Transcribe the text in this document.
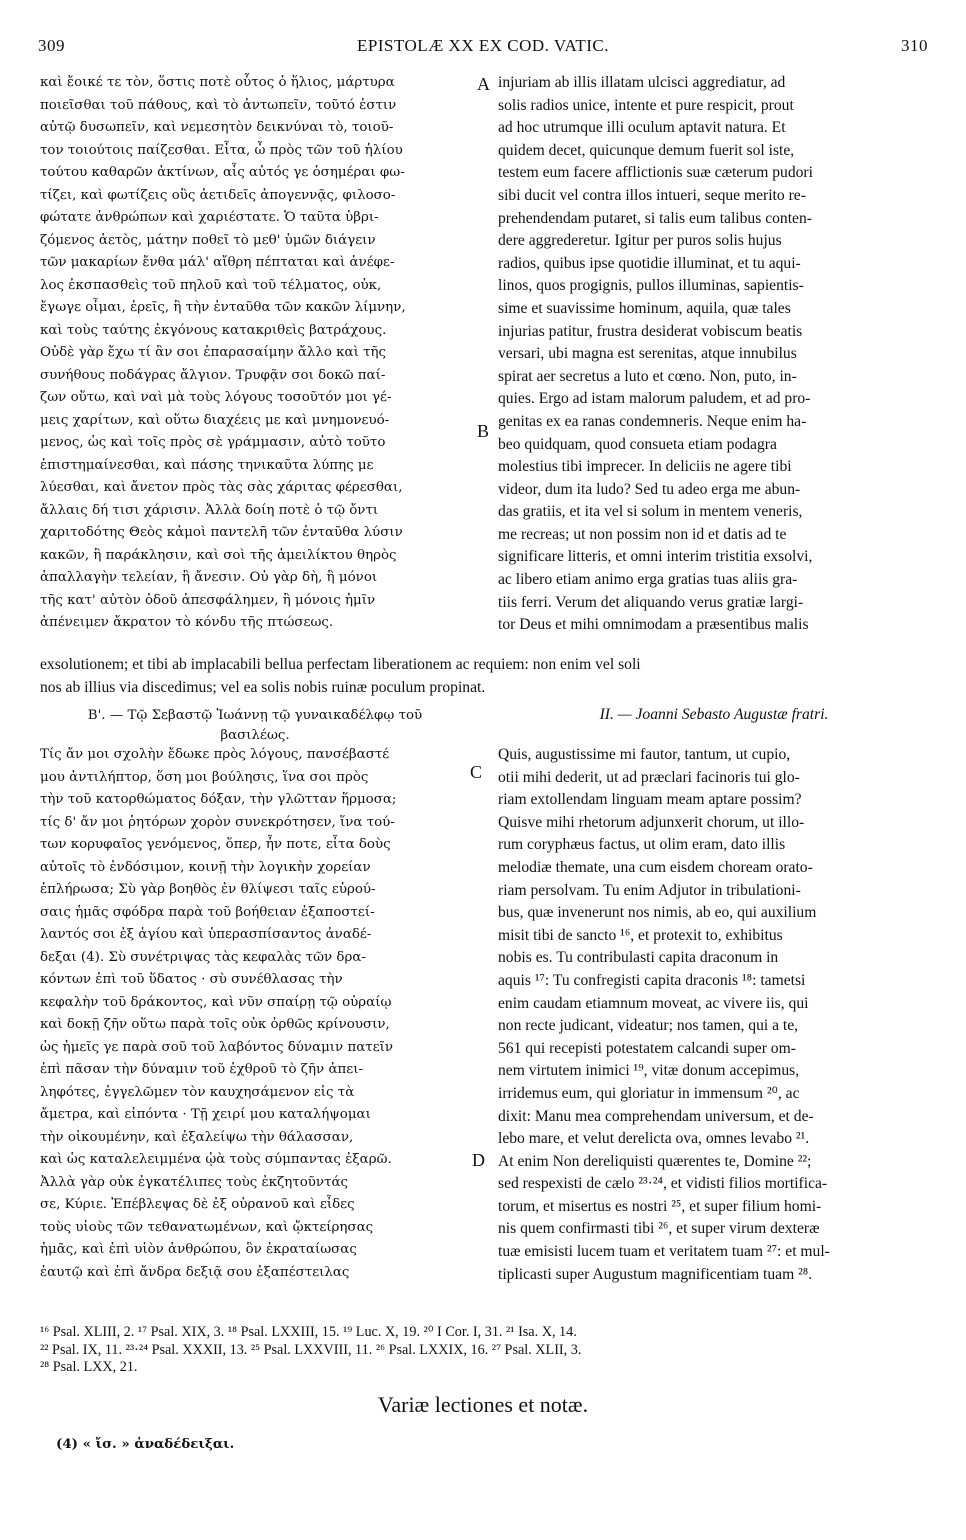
309	EPISTOLÆ XX EX COD. VATIC.	310
A
B
C
D
καὶ ἔοικέ τε τὸν, ὅστις ποτὲ οὗτος ὁ ἥλιος, μάρτυρα
ποιεῖσθαι τοῦ πάθους, καὶ τὸ ἀντωπεῖν, τοῦτό ἐστιν
αὐτῷ δυσωπεῖν, καὶ νεμεσητὸν δεικνύναι τὸ, τοιοῦ-
τον τοιούτοις παίζεσθαι. Εἶτα, ὦ πρὸς τῶν τοῦ ἡλίου
τούτου καθαρῶν ἀκτίνων, αἷς αὐτός γε ὁσημέραι φω-
τίζει, καὶ φωτίζεις οὓς ἀετιδεῖς ἀπογεννᾷς, φιλοσο-
φώτατε ἀνθρώπων καὶ χαριέστατε. Ὁ ταῦτα ὑβρι-
ζόμενος ἀετὸς, μάτην ποθεῖ τὸ μεθ' ὑμῶν διάγειν
τῶν μακαρίων ἔνθα μάλ' αἴθρη πέπταται καὶ ἀνέφε-
λος ἐκσπασθεὶς τοῦ πηλοῦ καὶ τοῦ τέλματος, οὐκ,
ἔγωγε οἶμαι, ἐρεῖς, ἢ τὴν ἐνταῦθα τῶν κακῶν λίμνην,
καὶ τοὺς ταύτης ἐκγόνους κατακριθεὶς βατράχους.
Οὐδὲ γὰρ ἔχω τί ἂν σοι ἐπαρασαίμην ἄλλο καὶ τῆς
συνήθους ποδάγρας ἄλγιον. Τρυφᾷν σοι δοκῶ παί-
ζων οὕτω, καὶ ναὶ μὰ τοὺς λόγους τοσοῦτόν μοι γέ-
μεις χαρίτων, καὶ οὕτω διαχέεις με καὶ μνημονευό-
μενος, ὡς καὶ τοῖς πρὸς σὲ γράμμασιν, αὐτὸ τοῦτο
ἐπιστημαίνεσθαι, καὶ πάσης τηνικαῦτα λύπης με
λύεσθαι, καὶ ἄνετον πρὸς τὰς σὰς χάριτας φέρεσθαι,
ἄλλαις δή τισι χάρισιν. Ἀλλὰ δοίη ποτὲ ὁ τῷ ὄντι
χαριτοδότης Θεὸς κἀμοὶ παντελῆ τῶν ἐνταῦθα λύσιν
κακῶν, ἢ παράκλησιν, καὶ σοὶ τῆς ἀμειλίκτου θηρὸς
ἀπαλλαγὴν τελείαν, ἢ ἄνεσιν. Οὐ γὰρ δὴ, ἢ μόνοι
τῆς κατ' αὐτὸν ὁδοῦ ἀπεσφάλημεν, ἢ μόνοις ἡμῖν
ἀπένειμεν ἄκρατον τὸ κόνδυ τῆς πτώσεως.
injuriam ab illis illatam ulcisci aggrediatur, ad
solis radios unice, intente et pure respicit, prout
ad hoc utrumque illi oculum aptavit natura. Et
quidem decet, quicunque demum fuerit sol iste,
testem eum facere afflictionis suæ cæterum pudori
sibi ducit vel contra illos intueri, seque merito re-
prehendendam putaret, si talis eum talibus conten-
dere aggrederetur. Igitur per puros solis hujus
radios, quibus ipse quotidie illuminat, et tu aqui-
linos, quos progignis, pullos illuminas, sapientis-
sime et suavissime hominum, aquila, quæ tales
injurias patitur, frustra desiderat vobiscum beatis
versari, ubi magna est serenitas, atque innubilus
spirat aer secretus a luto et cœno. Non, puto, in-
quies. Ergo ad istam malorum paludem, et ad pro-
genitas ex ea ranas condemneris. Neque enim ha-
beo quidquam, quod consueta etiam podagra
molestius tibi imprecer. In deliciis ne agere tibi
videor, dum ita ludo? Sed tu adeo erga me abun-
das gratiis, et ita vel si solum in mentem veneris,
me recreas; ut non possim non id et datis ad te
significare litteris, et omni interim tristitia exsolvi,
ac libero etiam animo erga gratias tuas aliis gra-
tiis ferri. Verum det aliquando verus gratiæ largi-
tor Deus et mihi omnimodam a præsentibus malis
exsolutionem; et tibi ab implacabili bellua perfectam liberationem ac requiem: non enim vel soli
nos ab illius via discedimus; vel ea solis nobis ruinæ poculum propinat.
Β'. — Τῷ Σεβαστῷ Ἰωάννῃ τῷ γυναικαδέλφῳ τοῦ
βασιλέως.
II. — Joanni Sebasto Augustæ fratri.
Τίς ἄν μοι σχολὴν ἔδωκε πρὸς λόγους, πανσέβαστέ
μου ἀντιλήπτορ, ὅση μοι βούλησις, ἵνα σοι πρὸς
τὴν τοῦ κατορθώματος δόξαν, τὴν γλῶτταν ἥρμοσα;
τίς δ' ἄν μοι ῥητόρων χορὸν συνεκρότησεν, ἵνα τού-
των κορυφαῖος γενόμενος, ὅπερ, ἦν ποτε, εἶτα δοὺς
αὐτοῖς τὸ ἐνδόσιμον, κοινῇ τὴν λογικὴν χορείαν
ἐπλήρωσα; Σὺ γὰρ βοηθὸς ἐν θλίψεσι ταῖς εὑρού-
σαις ἡμᾶς σφόδρα παρὰ τοῦ βοήθειαν ἐξαποστεί-
λαντός σοι ἐξ ἁγίου καὶ ὑπερασπίσαντος ἀναδέ-
δεξαι (4). Σὺ συνέτριψας τὰς κεφαλὰς τῶν δρα-
κόντων ἐπὶ τοῦ ὕδατος · σὺ συνέθλασας τὴν
κεφαλὴν τοῦ δράκοντος, καὶ νῦν σπαίρῃ τῷ οὐραίῳ
καὶ δοκῇ ζῆν οὕτω παρὰ τοῖς οὐκ ὀρθῶς κρίνουσιν,
ὡς ἡμεῖς γε παρὰ σοῦ τοῦ λαβόντος δύναμιν πατεῖν
ἐπὶ πᾶσαν τὴν δύναμιν τοῦ ἐχθροῦ τὸ ζῆν ἀπει-
ληφότες, ἐγγελῶμεν τὸν καυχησάμενον εἰς τὰ
ἄμετρα, καὶ εἰπόντα · Τῇ χειρί μου καταλήψομαι
τὴν οἰκουμένην, καὶ ἐξαλείψω τὴν θάλασσαν,
καὶ ὡς καταλελειμμένα ᾠὰ τοὺς σύμπαντας ἐξαρῶ.
Ἀλλὰ γὰρ οὐκ ἐγκατέλιπες τοὺς ἐκζητοῦντάς
σε, Κύριε. Ἐπέβλεψας δὲ ἐξ οὐρανοῦ καὶ εἶδες
τοὺς υἱοὺς τῶν τεθανατωμένων, καὶ ᾤκτείρησας
ἡμᾶς, καὶ ἐπὶ υἱὸν ἀνθρώπου, ὃν ἐκραταίωσας
ἑαυτῷ καὶ ἐπὶ ἄνδρα δεξιᾷ σου ἐξαπέστειλας
Quis, augustissime mi fautor, tantum, ut cupio,
otii mihi dederit, ut ad præclari facinoris tui glo-
riam extollendam linguam meam aptare possim?
Quisve mihi rhetorum adjunxerit chorum, ut illo-
rum coryphæus factus, ut olim eram, dato illis
melodiæ themate, una cum eisdem choream orato-
riam persolvam. Tu enim Adjutor in tribulationi-
bus, quæ invenerunt nos nimis, ab eo, qui auxilium
misit tibi de sancto ¹⁶, et protexit to, exhibitus
nobis es. Tu contribulasti capita draconum in
aquis ¹⁷: Tu confregisti capita draconis ¹⁸: tametsi
enim caudam etiamnum moveat, ac vivere iis, qui
non recte judicant, videatur; nos tamen, qui a te,
561 qui recepisti potestatem calcandi super om-
nem virtutem inimici ¹⁹, vitæ donum accepimus,
irridemus eum, qui gloriatur in immensum ²⁰, ac
dixit: Manu mea comprehendam universum, et de-
lebo mare, et velut derelicta ova, omnes levabo ²¹.
At enim Non dereliquisti quærentes te, Domine ²²;
sed respexisti de cælo ²³·²⁴, et vidisti filios mortifica-
torum, et misertus es nostri ²⁵, et super filium homi-
nis quem confirmasti tibi ²⁶, et super virum dexteræ
tuæ emisisti lucem tuam et veritatem tuam ²⁷: et mul-
tiplicasti super Augustum magnificentiam tuam ²⁸.
¹⁶ Psal. XLIII, 2. ¹⁷ Psal. XIX, 3. ¹⁸ Psal. LXXIII, 15. ¹⁹ Luc. X, 19. ²⁰ I Cor. I, 31. ²¹ Isa. X, 14.
²² Psal. IX, 11. ²³·²⁴ Psal. XXXII, 13. ²⁵ Psal. LXXVIII, 11. ²⁶ Psal. LXXIX, 16. ²⁷ Psal. XLII, 3.
²⁸ Psal. LXX, 21.
Variæ lectiones et notæ.
(4) « ἴσ. » ἀναδέδειξαι.
